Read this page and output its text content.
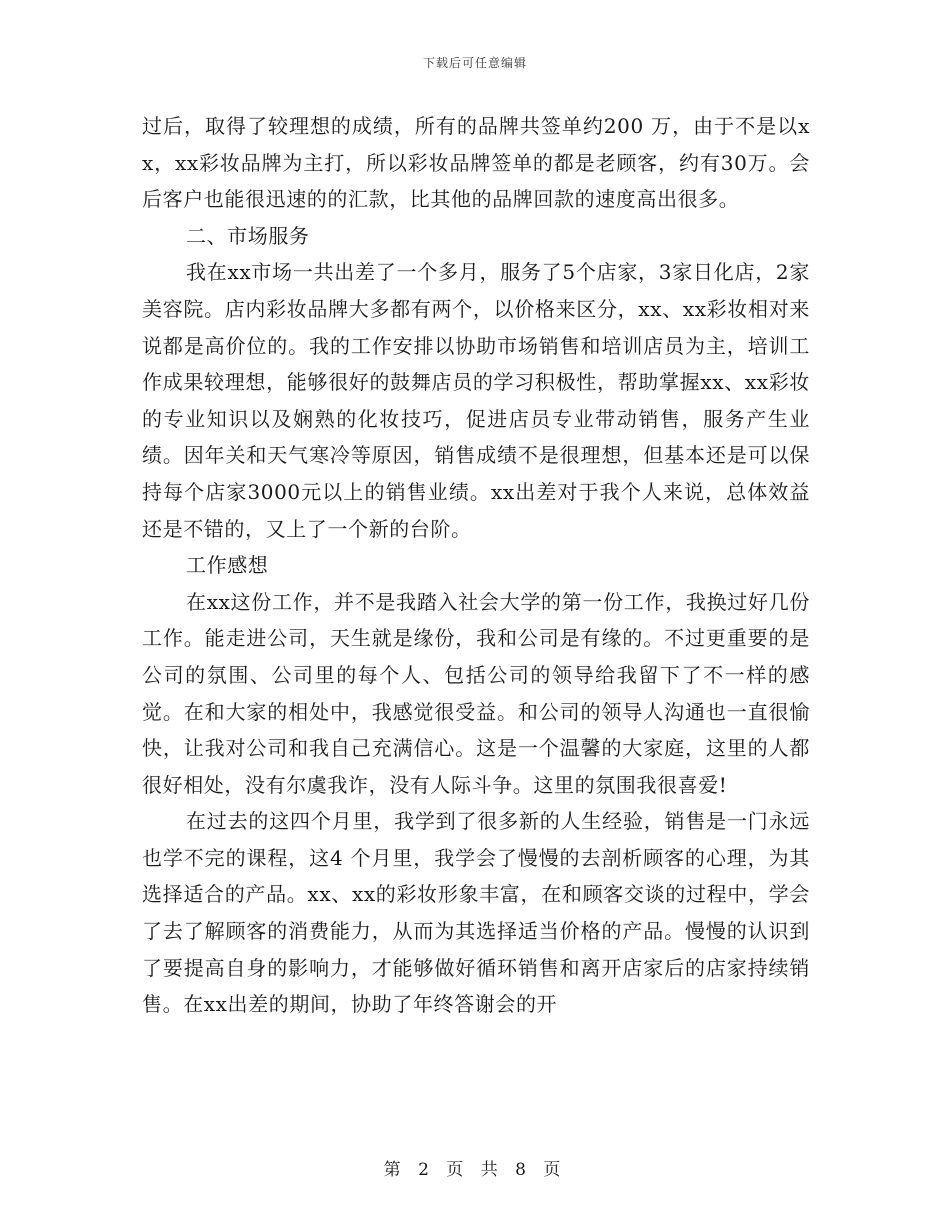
下载后可任意编辑

过后，取得了较理想的成绩，所有的品牌共签单约200 万，由于不是以xx，xx彩妆品牌为主打，所以彩妆品牌签单的都是老顾客，约有30万。会后客户也能很迅速的的汇款，比其他的品牌回款的速度高出很多。

二、市场服务

我在xx市场一共出差了一个多月，服务了5个店家，3家日化店，2家美容院。店内彩妆品牌大多都有两个，以价格来区分，xx、xx彩妆相对来说都是高价位的。我的工作安排以协助市场销售和培训店员为主，培训工作成果较理想，能够很好的鼓舞店员的学习积极性，帮助掌握xx、xx彩妆的专业知识以及娴熟的化妆技巧，促进店员专业带动销售，服务产生业绩。因年关和天气寒冷等原因，销售成绩不是很理想，但基本还是可以保持每个店家3000元以上的销售业绩。xx出差对于我个人来说，总体效益还是不错的，又上了一个新的台阶。

工作感想

在xx这份工作，并不是我踏入社会大学的第一份工作，我换过好几份工作。能走进公司，天生就是缘份，我和公司是有缘的。不过更重要的是公司的氛围、公司里的每个人、包括公司的领导给我留下了不一样的感觉。在和大家的相处中，我感觉很受益。和公司的领导人沟通也一直很愉快，让我对公司和我自己充满信心。这是一个温馨的大家庭，这里的人都很好相处，没有尔虞我诈，没有人际斗争。这里的氛围我很喜爱!

在过去的这四个月里，我学到了很多新的人生经验，销售是一门永远也学不完的课程，这4 个月里，我学会了慢慢的去剖析顾客的心理，为其选择适合的产品。xx、xx的彩妆形象丰富，在和顾客交谈的过程中，学会了去了解顾客的消费能力，从而为其选择适当价格的产品。慢慢的认识到了要提高自身的影响力，才能够做好循环销售和离开店家后的店家持续销售。在xx出差的期间，协助了年终答谢会的开

第 2 页 共 8 页
